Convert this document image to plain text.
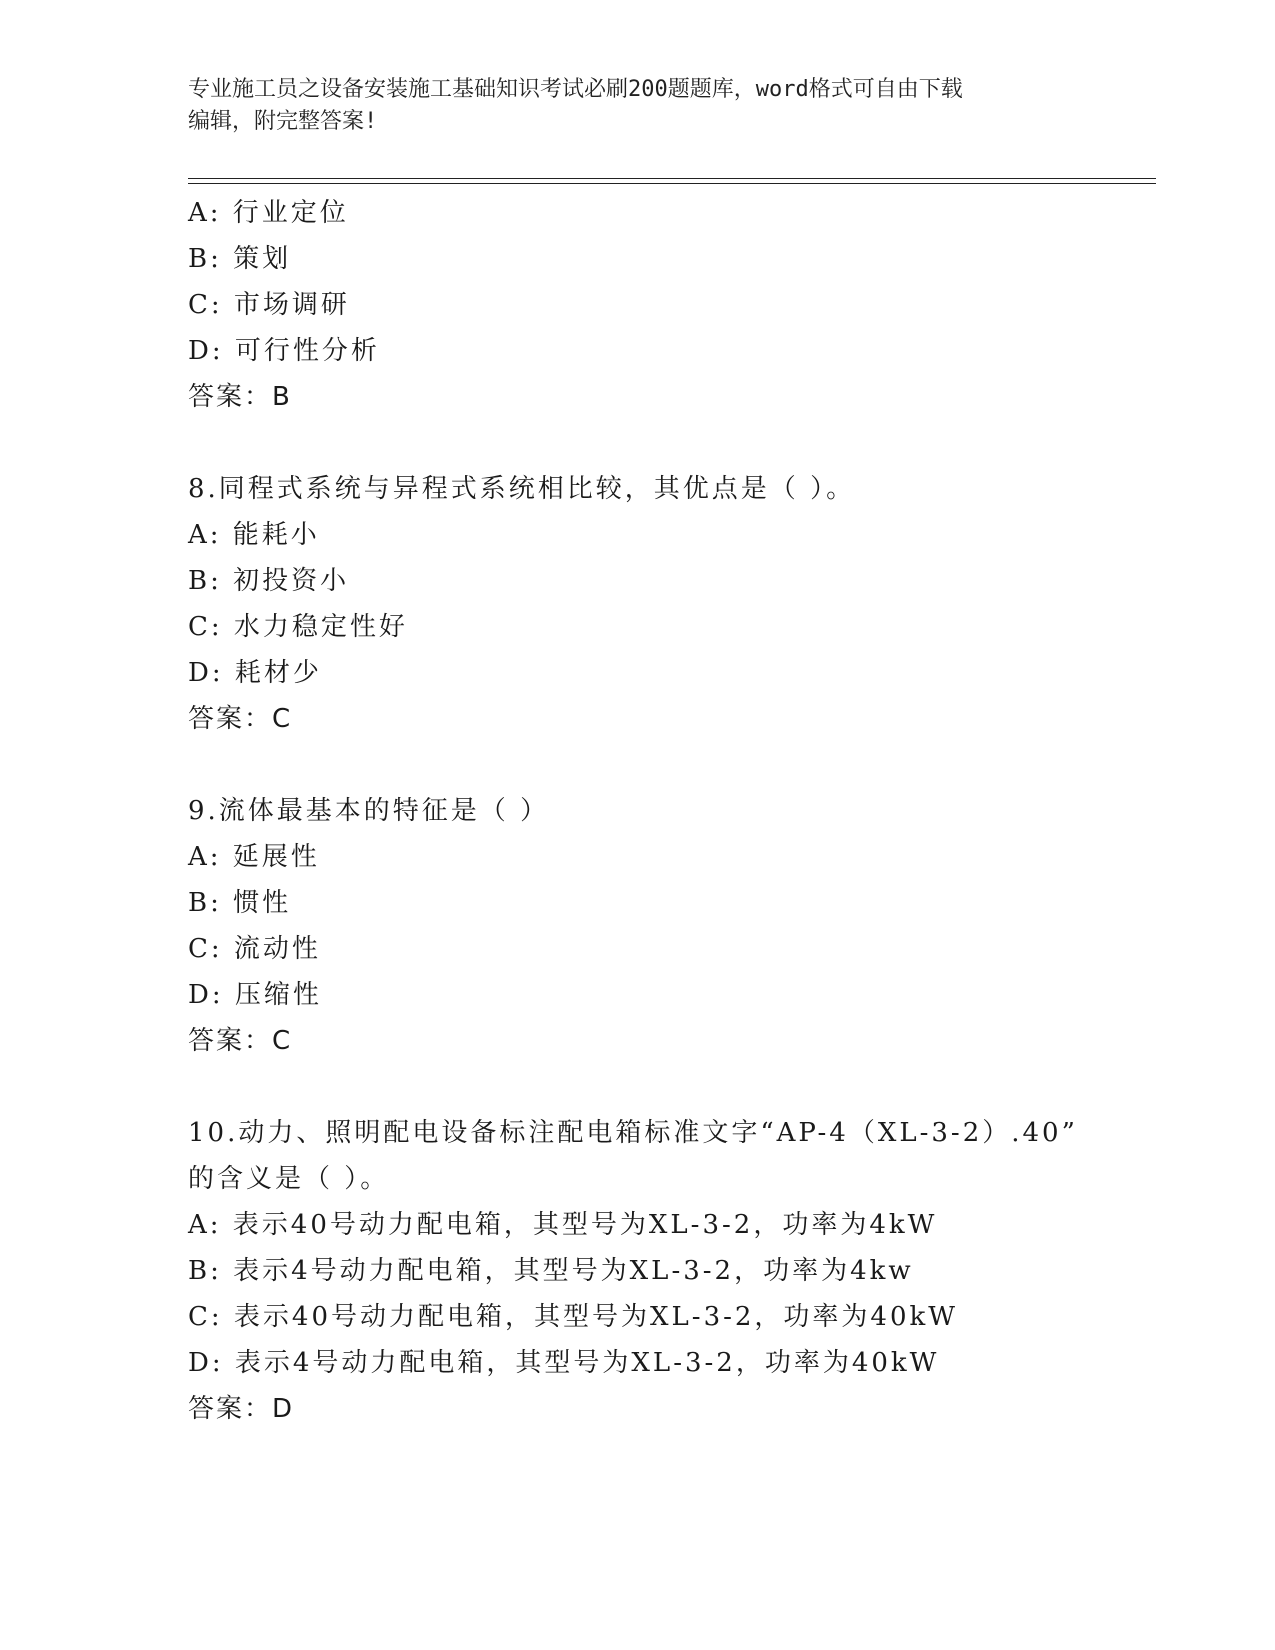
专业施工员之设备安装施工基础知识考试必刷200题题库，word格式可自由下载
编辑，附完整答案!
A: 行业定位
B: 策划
C: 市场调研
D: 可行性分析
答案：B
8.同程式系统与异程式系统相比较，其优点是（ ）。
A: 能耗小
B: 初投资小
C: 水力稳定性好
D: 耗材少
答案：C
9.流体最基本的特征是（ ）
A: 延展性
B: 惯性
C: 流动性
D: 压缩性
答案：C
10.动力、照明配电设备标注配电箱标准文字“AP-4（XL-3-2）.40”
的含义是（ ）。
A: 表示40号动力配电箱，其型号为XL-3-2，功率为4kW
B: 表示4号动力配电箱，其型号为XL-3-2，功率为4kw
C: 表示40号动力配电箱，其型号为XL-3-2，功率为40kW
D: 表示4号动力配电箱，其型号为XL-3-2，功率为40kW
答案：D
